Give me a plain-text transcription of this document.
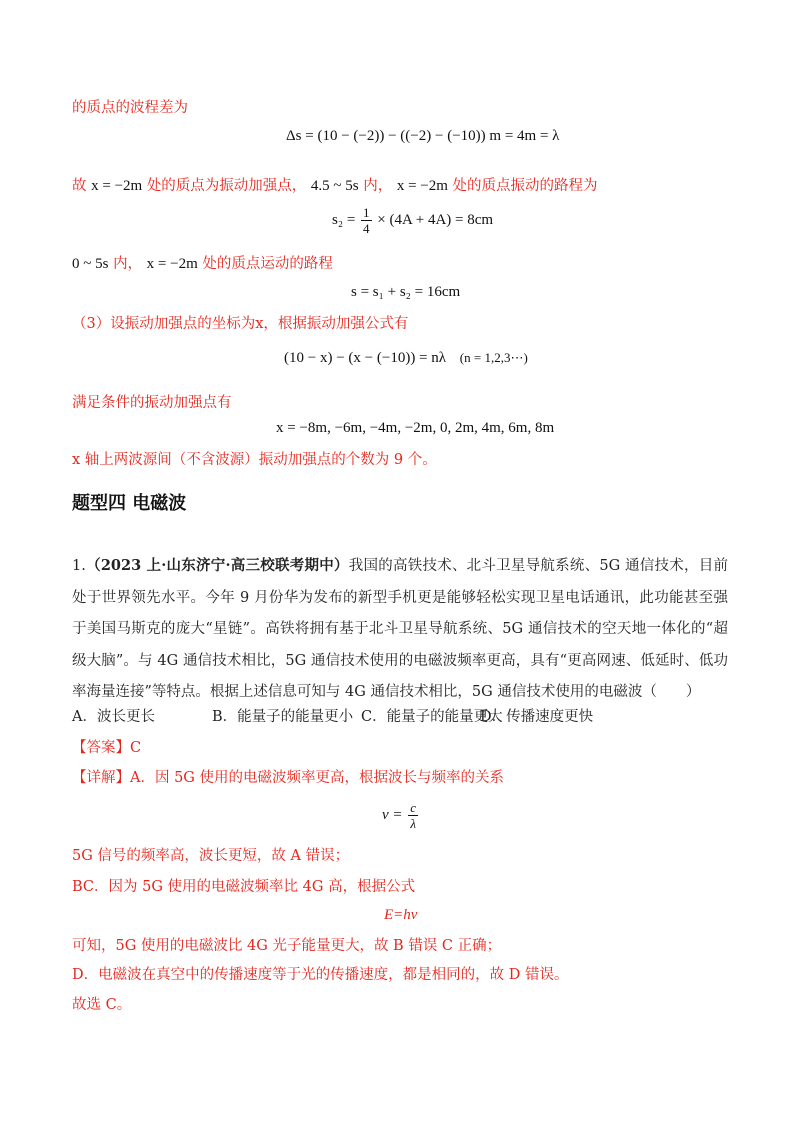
的质点的波程差为
Δs = (10 − (−2)) − ((−2) − (−10)) m = 4m = λ
故 x = −2m 处的质点为振动加强点， 4.5 ~ 5s 内， x = −2m 处的质点振动的路程为
$s_2 = \frac{1}{4} \times (4A + 4A) = 8cm$
0 ~ 5s 内， x = −2m 处的质点运动的路程
s = s₁ + s₂ = 16cm
（3）设振动加强点的坐标为x，根据振动加强公式有
(10 − x) − (x − (−10)) = nλ (n = 1,2,3⋯)
满足条件的振动加强点有
x = −8m, −6m, −4m, −2m, 0, 2m, 4m, 6m, 8m
x 轴上两波源间（不含波源）振动加强点的个数为 9 个。
题型四 电磁波
1.（2023 上·山东济宁·高三校联考期中）我国的高铁技术、北斗卫星导航系统、5G 通信技术，目前处于世界领先水平。今年 9 月份华为发布的新型手机更是能够轻松实现卫星电话通讯，此功能甚至强于美国马斯克的庞大“星链”。高铁将拥有基于北斗卫星导航系统、5G 通信技术的空天地一体化的“超级大脑”。与 4G 通信技术相比，5G 通信技术使用的电磁波频率更高，具有“更高网速、低延时、低功率海量连接”等特点。根据上述信息可知与 4G 通信技术相比，5G 通信技术使用的电磁波（　　）
A．波长更长	B．能量子的能量更小 C．能量子的能量更大
D．传播速度更快
【答案】C
【详解】A．因 5G 使用的电磁波频率更高，根据波长与频率的关系
$\nu = \frac{c}{\lambda}$
5G 信号的频率高，波长更短，故 A 错误；
BC．因为 5G 使用的电磁波频率比 4G 高，根据公式
E=hν
可知，5G 使用的电磁波比 4G 光子能量更大，故 B 错误 C 正确；
D．电磁波在真空中的传播速度等于光的传播速度，都是相同的，故 D 错误。
故选 C。
